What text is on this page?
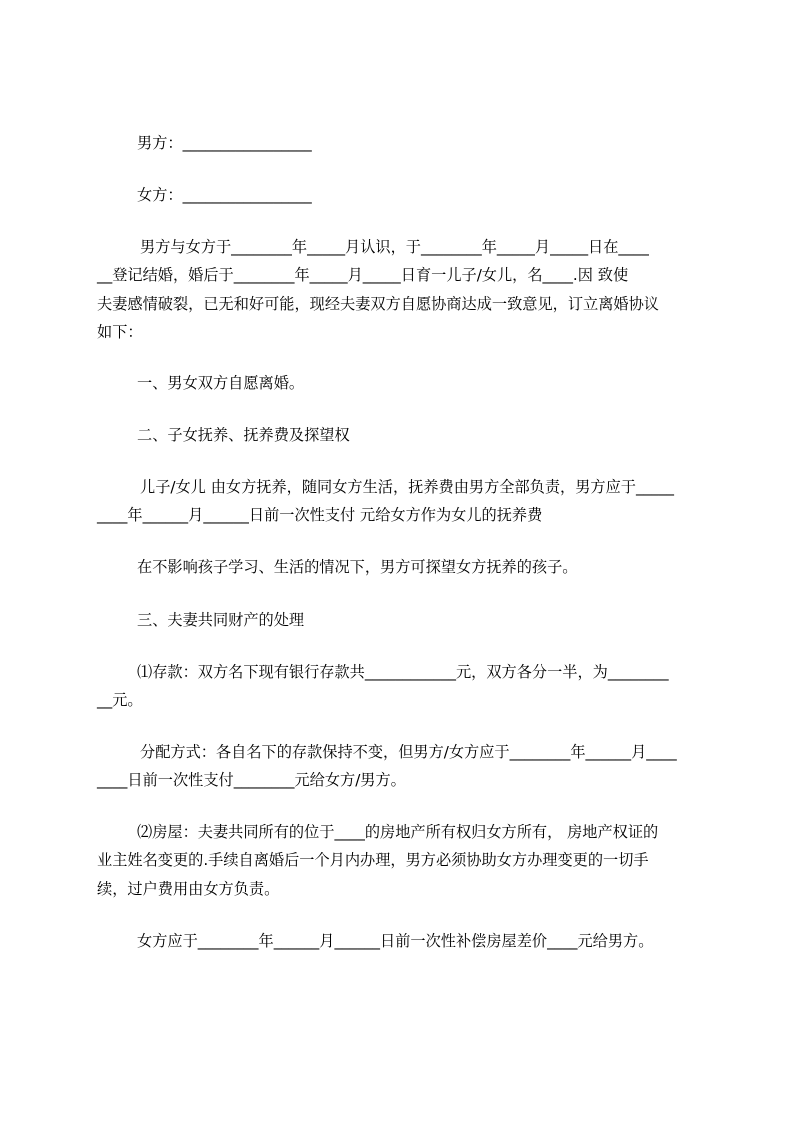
男方：_________________
女方：_________________
男方与女方于________年_____月认识，于________年_____月_____日在____
__登记结婚，婚后于________年_____月_____日育一儿子/女儿，名____.因 致使
夫妻感情破裂，已无和好可能，现经夫妻双方自愿协商达成一致意见，订立离婚协议
如下：
一、男女双方自愿离婚。
二、子女抚养、抚养费及探望权
儿子/女儿 由女方抚养，随同女方生活，抚养费由男方全部负责，男方应于_____
____年______月______日前一次性支付 元给女方作为女儿的抚养费
在不影响孩子学习、生活的情况下，男方可探望女方抚养的孩子。
三、夫妻共同财产的处理
⑴存款：双方名下现有银行存款共____________元，双方各分一半，为________
__元。
分配方式：各自名下的存款保持不变，但男方/女方应于________年______月____
____日前一次性支付________元给女方/男方。
⑵房屋：夫妻共同所有的位于____的房地产所有权归女方所有， 房地产权证的
业主姓名变更的.手续自离婚后一个月内办理，男方必须协助女方办理变更的一切手
续，过户费用由女方负责。
女方应于________年______月______日前一次性补偿房屋差价____元给男方。
